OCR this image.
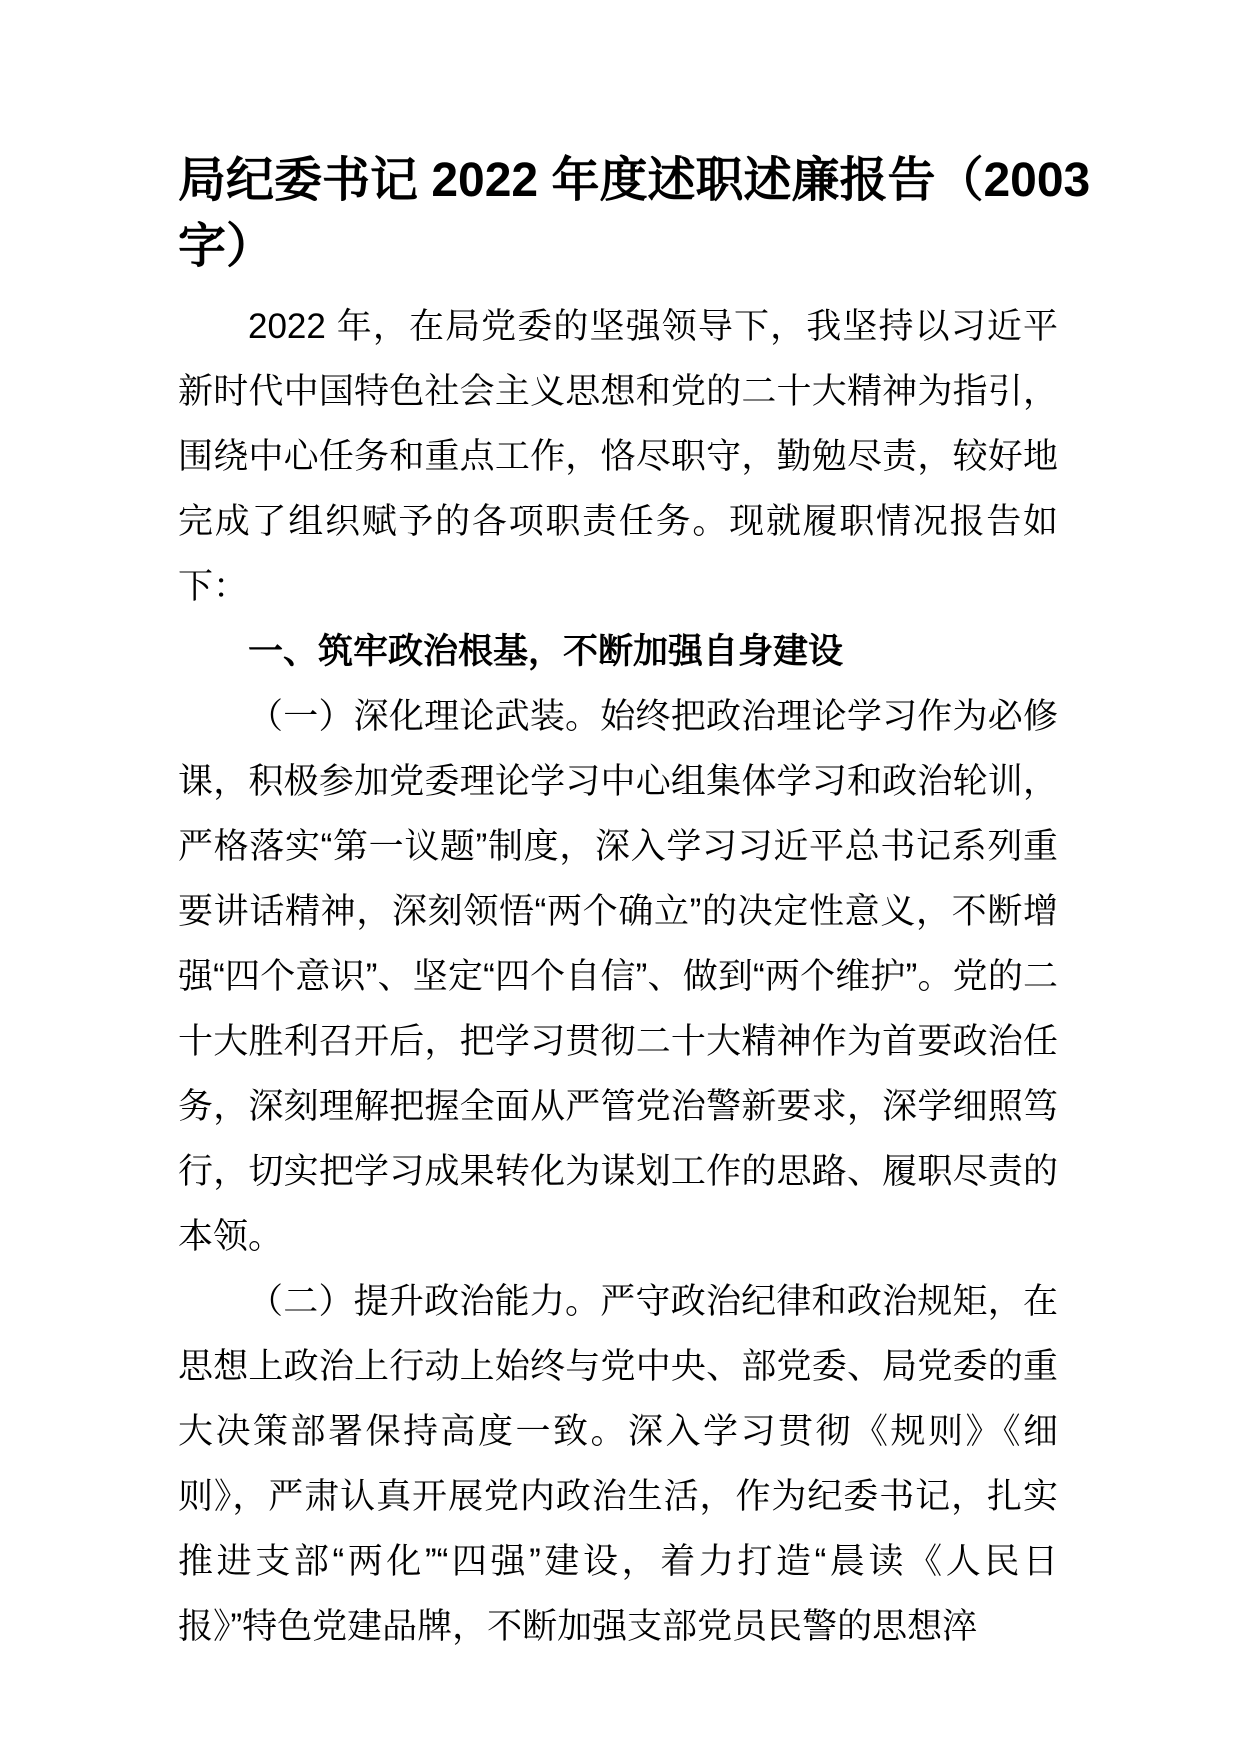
局纪委书记 2022 年度述职述廉报告（2003
字）

2022 年，在局党委的坚强领导下，我坚持以习近平新时代中国特色社会主义思想和党的二十大精神为指引，围绕中心任务和重点工作，恪尽职守，勤勉尽责，较好地完成了组织赋予的各项职责任务。现就履职情况报告如下：

一、筑牢政治根基，不断加强自身建设

（一）深化理论武装。始终把政治理论学习作为必修课，积极参加党委理论学习中心组集体学习和政治轮训，严格落实“第一议题”制度，深入学习习近平总书记系列重要讲话精神，深刻领悟“两个确立”的决定性意义，不断增强“四个意识”、坚定“四个自信”、做到“两个维护”。党的二十大胜利召开后，把学习贯彻二十大精神作为首要政治任务，深刻理解把握全面从严管党治警新要求，深学细照笃行，切实把学习成果转化为谋划工作的思路、履职尽责的本领。

（二）提升政治能力。严守政治纪律和政治规矩，在思想上政治上行动上始终与党中央、部党委、局党委的重大决策部署保持高度一致。深入学习贯彻《规则》《细则》，严肃认真开展党内政治生活，作为纪委书记，扎实推进支部“两化”“四强”建设，着力打造“晨读《人民日报》”特色党建品牌，不断加强支部党员民警的思想淬
